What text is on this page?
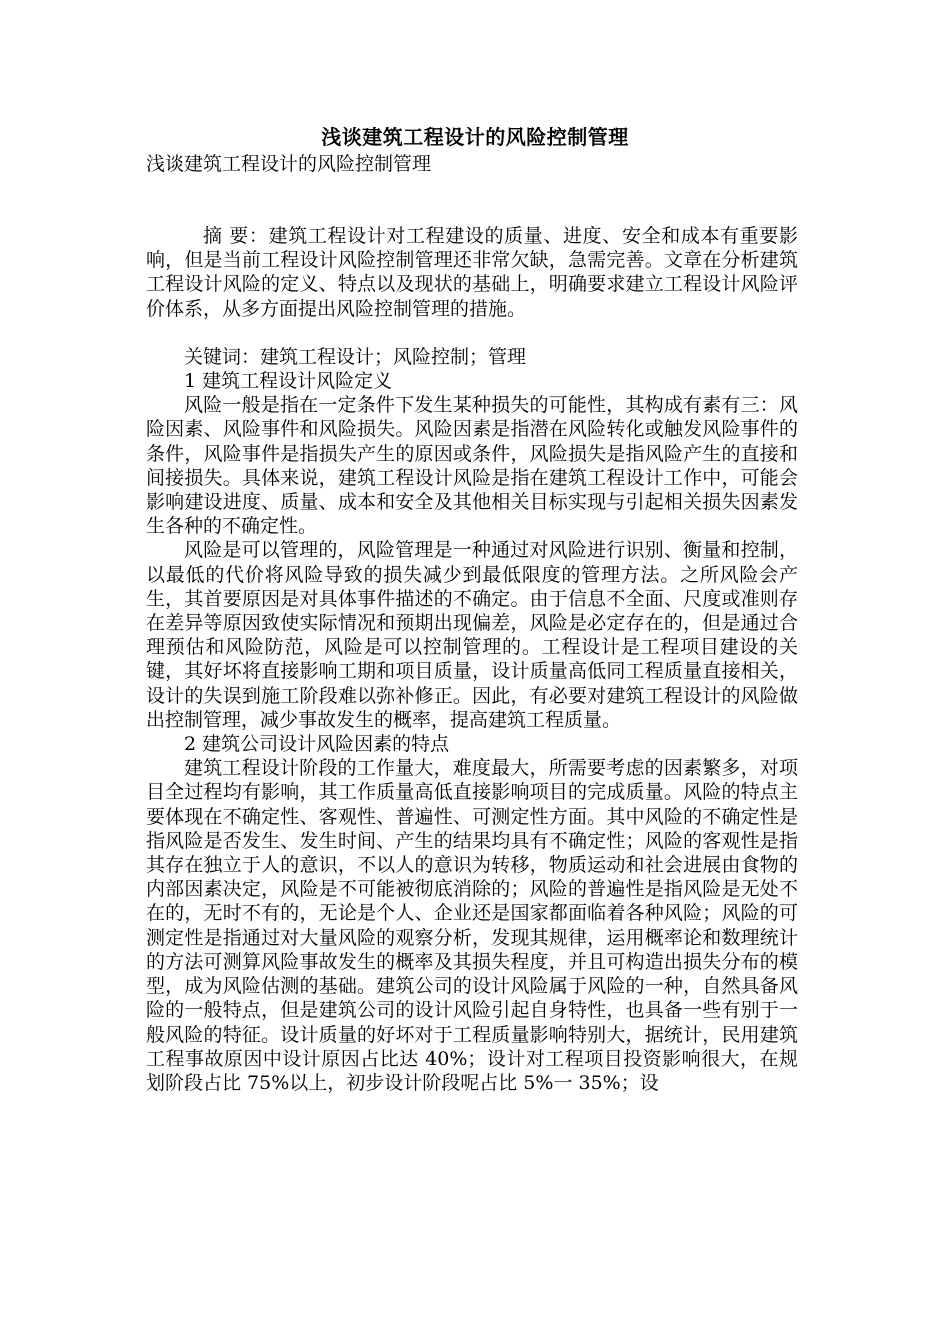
浅谈建筑工程设计的风险控制管理
浅谈建筑工程设计的风险控制管理

摘 要：建筑工程设计对工程建设的质量、进度、安全和成本有重要影响，但是当前工程设计风险控制管理还非常欠缺，急需完善。文章在分析建筑工程设计风险的定义、特点以及现状的基础上，明确要求建立工程设计风险评价体系，从多方面提出风险控制管理的措施。

关键词：建筑工程设计；风险控制；管理

1 建筑工程设计风险定义

风险一般是指在一定条件下发生某种损失的可能性，其构成有素有三：风险因素、风险事件和风险损失。风险因素是指潜在风险转化或触发风险事件的条件，风险事件是指损失产生的原因或条件，风险损失是指风险产生的直接和间接损失。具体来说，建筑工程设计风险是指在建筑工程设计工作中，可能会影响建设进度、质量、成本和安全及其他相关目标实现与引起相关损失因素发生各种的不确定性。

风险是可以管理的，风险管理是一种通过对风险进行识别、衡量和控制，以最低的代价将风险导致的损失减少到最低限度的管理方法。之所风险会产生，其首要原因是对具体事件描述的不确定。由于信息不全面、尺度或准则存在差异等原因致使实际情况和预期出现偏差，风险是必定存在的，但是通过合理预估和风险防范，风险是可以控制管理的。工程设计是工程项目建设的关键，其好坏将直接影响工期和项目质量，设计质量高低同工程质量直接相关，设计的失误到施工阶段难以弥补修正。因此，有必要对建筑工程设计的风险做出控制管理，减少事故发生的概率，提高建筑工程质量。

2 建筑公司设计风险因素的特点

建筑工程设计阶段的工作量大，难度最大，所需要考虑的因素繁多，对项目全过程均有影响，其工作质量高低直接影响项目的完成质量。风险的特点主要体现在不确定性、客观性、普遍性、可测定性方面。其中风险的不确定性是指风险是否发生、发生时间、产生的结果均具有不确定性；风险的客观性是指其存在独立于人的意识，不以人的意识为转移，物质运动和社会进展由食物的内部因素决定，风险是不可能被彻底消除的；风险的普遍性是指风险是无处不在的，无时不有的，无论是个人、企业还是国家都面临着各种风险；风险的可测定性是指通过对大量风险的观察分析，发现其规律，运用概率论和数理统计的方法可测算风险事故发生的概率及其损失程度，并且可构造出损失分布的模型，成为风险估测的基础。建筑公司的设计风险属于风险的一种，自然具备风险的一般特点，但是建筑公司的设计风险引起自身特性，也具备一些有别于一般风险的特征。设计质量的好坏对于工程质量影响特别大，据统计，民用建筑工程事故原因中设计原因占比达 40%；设计对工程项目投资影响很大，在规划阶段占比 75%以上，初步设计阶段呢占比 5%一 35%；设
